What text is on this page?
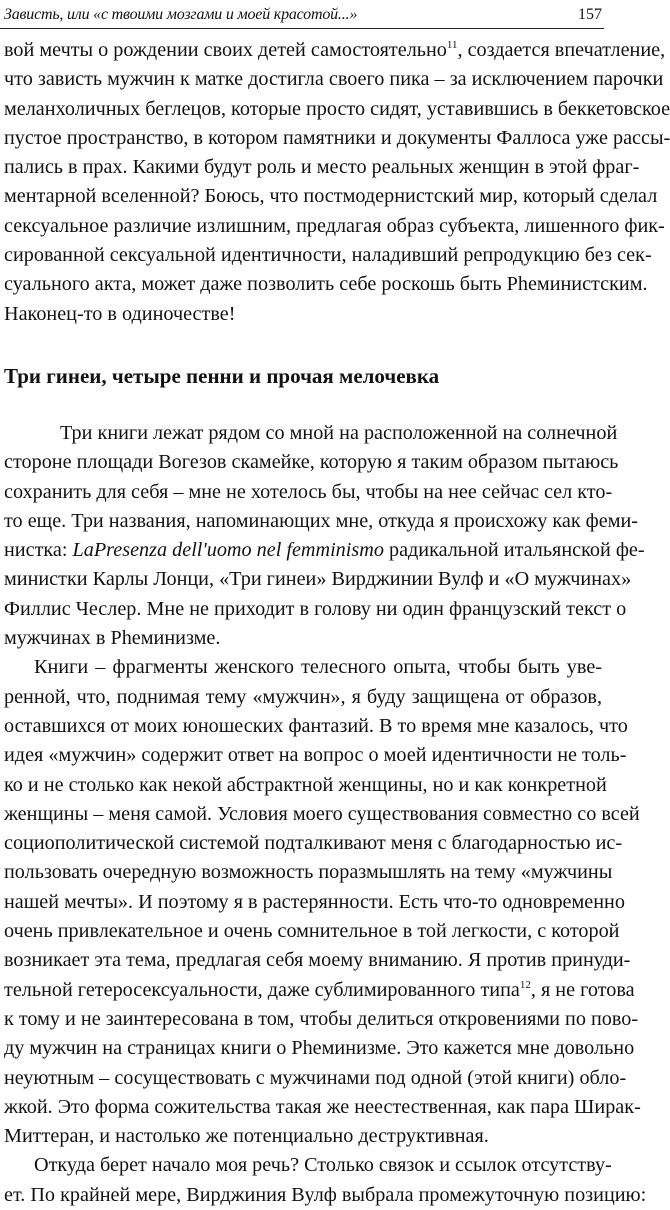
Зависть, или «с твоими мозгами и моей красотой...»	157

вой мечты о рождении своих детей самостоятельно$^{11}$, создается впечатление,
что зависть мужчин к матке достигла своего пика – за исключением парочки
меланхоличных беглецов, которые просто сидят, уставившись в беккетовское
пустое пространство, в котором памятники и документы Фаллоса уже рассы-
пались в прах. Какими будут роль и место реальных женщин в этой фраг-
ментарной вселенной? Боюсь, что постмодернистский мир, который сделал
сексуальное различие излишним, предлагая образ субъекта, лишенного фик-
сированной сексуальной идентичности, наладивший репродукцию без сек-
суального акта, может даже позволить себе роскошь быть Pheминистским.
Наконец-то в одиночестве!

Три гинеи, четыре пенни и прочая мелочевка

Три книги лежат рядом со мной на расположенной на солнечной
стороне площади Вогезов скамейке, которую я таким образом пытаюсь
сохранить для себя – мне не хотелось бы, чтобы на нее сейчас сел кто-
то еще. Три названия, напоминающих мне, откуда я происхожу как феми-
нистка: LaPresenza dell'uomo nel femminismo радикальной итальянской фе-
министки Карлы Лонци, «Три гинеи» Вирджинии Вулф и «О мужчинах»
Филлис Чеслер. Мне не приходит в голову ни один французский текст о
мужчинах в Pheминизме.

Книги – фрагменты женского телесного опыта, чтобы быть уве-
ренной, что, поднимая тему «мужчин», я буду защищена от образов,
оставшихся от моих юношеских фантазий. В то время мне казалось, что
идея «мужчин» содержит ответ на вопрос о моей идентичности не толь-
ко и не столько как некой абстрактной женщины, но и как конкретной
женщины – меня самой. Условия моего существования совместно со всей
социополитической системой подталкивают меня с благодарностью ис-
пользовать очередную возможность поразмышлять на тему «мужчины
нашей мечты». И поэтому я в растерянности. Есть что-то одновременно
очень привлекательное и очень сомнительное в той легкости, с которой
возникает эта тема, предлагая себя моему вниманию. Я против принуди-
тельной гетеросексуальности, даже сублимированного типа$^{12}$, я не готова
к тому и не заинтересована в том, чтобы делиться откровениями по пово-
ду мужчин на страницах книги о Pheминизме. Это кажется мне довольно
неуютным – сосуществовать с мужчинами под одной (этой книги) обло-
жкой. Это форма сожительства такая же неестественная, как пара Ширак-
Миттеран, и настолько же потенциально деструктивная.

Откуда берет начало моя речь? Столько связок и ссылок отсутству-
ет. По крайней мере, Вирджиния Вулф выбрала промежуточную позицию:
